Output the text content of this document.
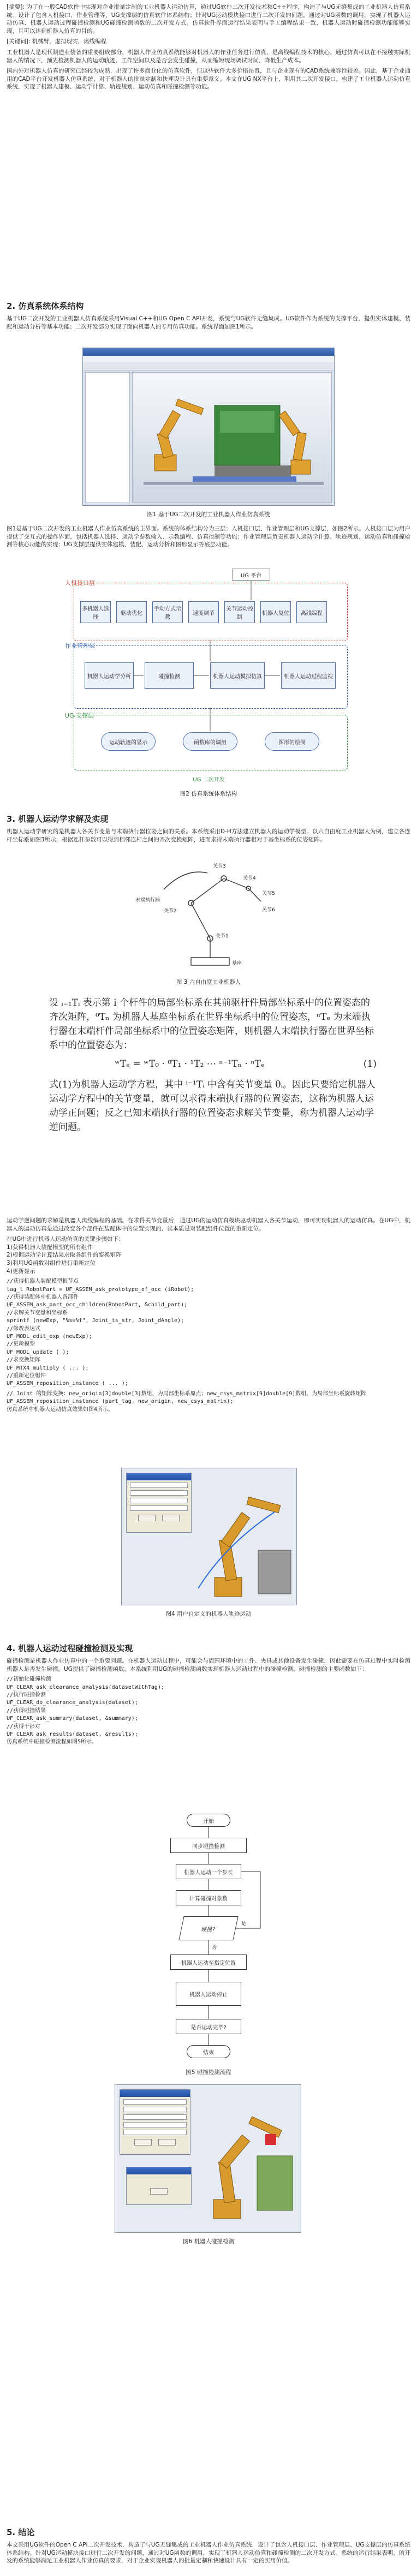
[摘要]: 为了在一般CAD软件中实现对企业批量定制的工业机器人运动仿真，通过UG软件二次开发技术和C++程序，构造了与UG无缝集成的工业机器人仿真系统。设计了包含人机接口、作业管理等，UG支撑层的仿真软件体系结构；针对UG运动模块接口进行二次开发的问题，通过对UG函数的调用，实现了机器人运动仿真、机器人运动过程碰撞检测和UG碰撞检测函数的二次开发方式。仿真软件界面运行结果表明与手工编程结果一致，机器人运动时碰撞检测功能能够实现，且可以达到机器人仿真的目的。

[关键词]: 机械臂，虚拟现实，离线编程

工业机器人是现代制造业装备的重要组成部分，机器人作业仿真系统能够对机器人的作业任务进行仿真，是离线编程技术的核心。通过仿真可以在不接触实际机器人的情况下，预先检测机器人的运动轨迹、工作空间以及是否会发生碰撞，从而缩短现场调试时间，降低生产成本。

国内外对机器人仿真的研究已经较为成熟，出现了许多商业化的仿真软件，但这些软件大多价格昂贵，且与企业现有的CAD系统兼容性较差。因此，基于企业通用的CAD平台开发机器人仿真系统，对于机器人的批量定制和快速设计具有重要意义。本文在UG NX平台上，利用其二次开发接口，构建了工业机器人运动仿真系统，实现了机器人建模、运动学计算、轨迹规划、运动仿真和碰撞检测等功能。

2. 仿真系统体系结构

基于UG二次开发的工业机器人仿真系统采用Visual C++和UG Open C API开发，系统与UG软件无缝集成。UG软件作为系统的支撑平台，提供实体建模、装配和运动分析等基本功能；二次开发部分实现了面向机器人的专用仿真功能。系统界面如图1所示。

图1 基于UG二次开发的工业机器人作业仿真系统

图1是基于UG二次开发的工业机器人作业仿真系统的主界面。系统的体系结构分为三层：人机接口层、作业管理层和UG支撑层，如图2所示。人机接口层为用户提供了交互式的操作界面，包括机器人选择、运动学参数输入、示教编程、仿真控制等功能；作业管理层负责机器人运动学计算、轨迹规划、运动仿真和碰撞检测等核心功能的实现；UG支撑层提供实体建模、装配、运动分析和图形显示等底层功能。

UG 平台
人机接口层
多机器人选择
驱动优化
手动方式示教
速度调节
关节运动控制
机器人复位	离线编程
作业管理层
机器人运动学分析	碰撞检测	机器人运动模拟仿真	机器人运动过程监视
UG 支撑层
运动轨迹的显示	函数库的调用	图形的绘制
UG 二次开发
图2 仿真系统体系结构
3. 机器人运动学求解及实现

机器人运动学研究的是机器人各关节变量与末端执行器位姿之间的关系。本系统采用D-H方法建立机器人的运动学模型。以六自由度工业机器人为例，建立各连杆坐标系如图3所示，根据连杆参数可以得到相邻连杆之间的齐次变换矩阵，进而求得末端执行器相对于基坐标系的位姿矩阵。

末端执行器
关节1
关节2
关节3
关节4
关节5
关节6
基座
图 3 六自由度工业机器人

设 ᵢ₋₁Tᵢ 表示第 i 个杆件的局部坐标系在其前驱杆件局部坐标系中的位置姿态的齐次矩阵，⁰Tₙ 为机器人基座坐标系在世界坐标系中的位置姿态，ⁿTₑ 为末端执行器在末端杆件局部坐标系中的位置姿态矩阵，则机器人末端执行器在世界坐标系中的位置姿态为：

ʷTₑ = ʷT₀ · ⁰T₁ · ¹T₂ ⋯ ⁿ⁻¹Tₙ · ⁿTₑ	(1)

式(1)为机器人运动学方程，其中 ⁱ⁻¹Tᵢ 中含有关节变量 θᵢ。因此只要给定机器人运动学方程中的关节变量，就可以求得末端执行器的位置姿态，这称为机器人运动学正问题；反之已知末端执行器的位置姿态求解关节变量，称为机器人运动学逆问题。

运动学逆问题的求解是机器人离线编程的基础。在求得关节变量后，通过UG的运动仿真模块驱动机器人各关节运动，即可实现机器人的运动仿真。在UG中，机器人的运动仿真是通过改变各个部件在装配体中的位置实现的，其本质是对装配组件位置的重新定位。

在UG中进行机器人运动仿真的关键步骤如下：
1)获得机器人装配模型的所有组件
2)根据运动学计算结果求取各组件的变换矩阵
3)利用UG函数对组件进行重新定位
4)更新显示

//获得机器人装配模型根节点
tag_t RobotPart = UF_ASSEM_ask_prototype_of_occ (iRobot);
//获得装配体中机器人各部件
UF_ASSEM_ask_part_occ_children(RobotPart, &child_part);
//求解关节变量和坐标系
sprintf (newExp, "%s=%f", Joint_ts_str, Joint_dAngle);
//修改表达式
UF_MODL_edit_exp (newExp);
//更新模型
UF_MODL_update ( );
//求变换矩阵
UF_MTX4_multiply ( ... );
//重新定位组件
UF_ASSEM_reposition_instance ( ... );
// Joint 的矩阵变换：new_origin[3]double[3]数组，为局部坐标系原点；new_csys_matrix[9]double[9]数组，为局部坐标系旋转矩阵
UF_ASSEM_reposition_instance (part_tag, new_origin, new_csys_matrix);
仿真系统中机器人运动仿真效果如图4所示。

图4 用户自定义的机器人轨迹运动
4. 机器人运动过程碰撞检测及实现

碰撞检测是机器人作业仿真中的一个重要问题。在机器人运动过程中，可能会与周围环境中的工件、夹具或其他设备发生碰撞，因此需要在仿真过程中实时检测机器人是否发生碰撞。UG提供了碰撞检测函数，本系统利用UG的碰撞检测函数实现机器人运动过程中的碰撞检测。碰撞检测的主要函数如下：

//初始化碰撞检测
UF_CLEAR_ask_clearance_analysis(datasetWithTag);
//执行碰撞检测
UF_CLEAR_do_clearance_analysis(dataset);
//获得碰撞结果
UF_CLEAR_ask_summary(dataset, &summary);
//获得干涉对
UF_CLEAR_ask_results(dataset, &results);
仿真系统中碰撞检测流程如图5所示。
开始
同步碰撞检测
机器人运动一个步长
计算碰撞对象数
碰撞?
是
否
机器人运动至指定位置
机器人运动停止
是否运动完毕?
结束
图5 碰撞检测流程

图6 机器人碰撞检测
5. 结论

本文采用UG软件的Open C API二次开发技术，构造了与UG无缝集成的工业机器人作业仿真系统，设计了包含人机接口层、作业管理层、UG支撑层的仿真系统体系结构。针对UG运动模块接口进行二次开发的问题，通过对UG函数的调用，实现了机器人运动仿真和碰撞检测的二次开发方式。系统的运行结果表明，所开发的系统能够满足工业机器人作业仿真的要求，对于企业实现机器人的批量定制和快速设计具有一定的实用价值。
